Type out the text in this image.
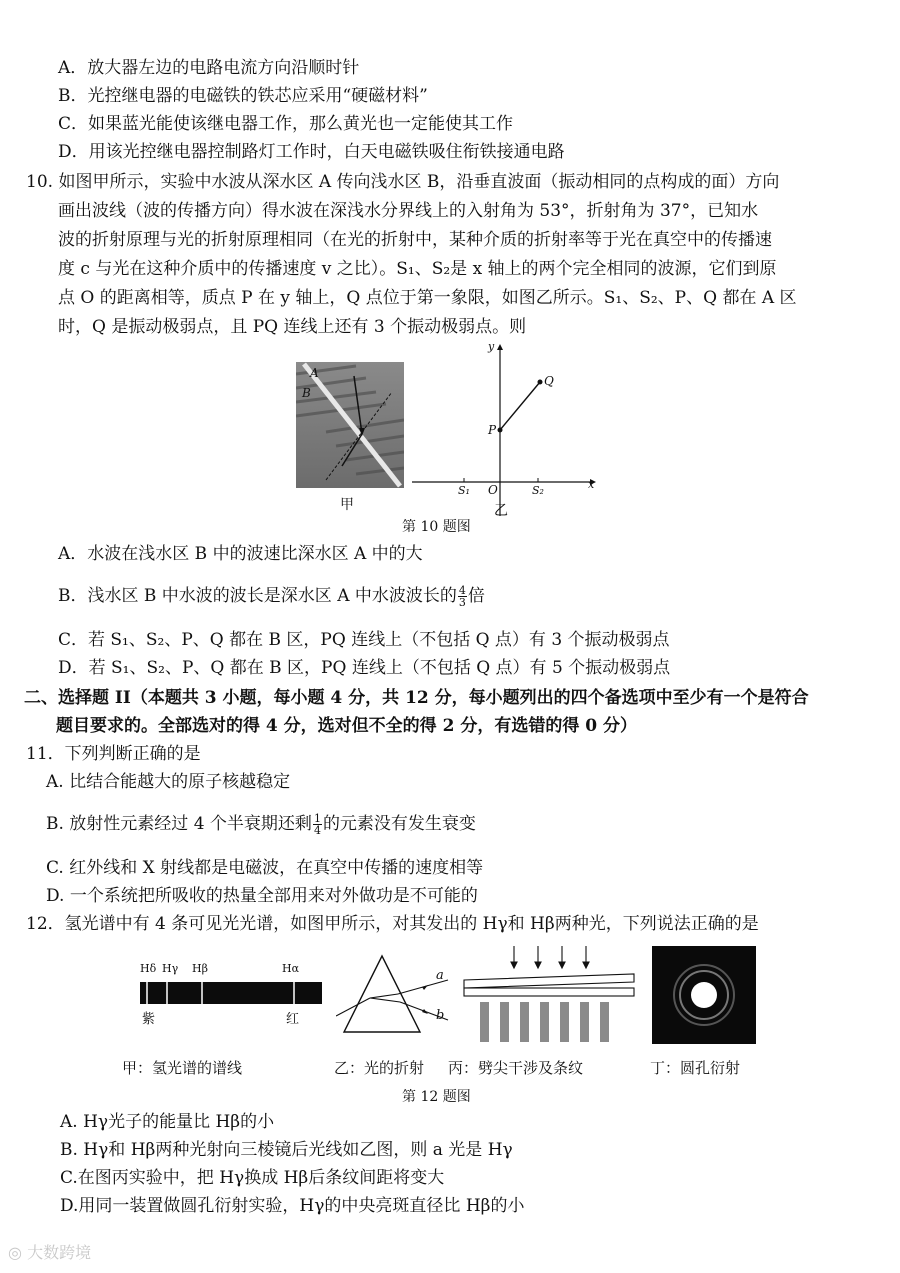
A．放大器左边的电路电流方向沿顺时针
B．光控继电器的电磁铁的铁芯应采用“硬磁材料”
C．如果蓝光能使该继电器工作，那么黄光也一定能使其工作
D．用该光控继电器控制路灯工作时，白天电磁铁吸住衔铁接通电路
10. 如图甲所示，实验中水波从深水区 A 传向浅水区 B，沿垂直波面（振动相同的点构成的面）方向
画出波线（波的传播方向）得水波在深浅水分界线上的入射角为 53°，折射角为 37°，已知水
波的折射原理与光的折射原理相同（在光的折射中，某种介质的折射率等于光在真空中的传播速
度 c 与光在这种介质中的传播速度 v 之比）。S₁、S₂是 x 轴上的两个完全相同的波源，它们到原
点 O 的距离相等，质点 P 在 y 轴上，Q 点位于第一象限，如图乙所示。S₁、S₂、P、Q 都在 A 区
时，Q 是振动极弱点，且 PQ 连线上还有 3 个振动极弱点。则
A
B
甲
y
x
P
Q
O
S₁	S₂
乙
第 10 题图
A．水波在浅水区 B 中的波速比深水区 A 中的大
B．浅水区 B 中水波的波长是深水区 A 中水波波长的 $\frac{4}{3}$ 倍
C．若 S₁、S₂、P、Q 都在 B 区，PQ 连线上（不包括 Q 点）有 3 个振动极弱点
D．若 S₁、S₂、P、Q 都在 B 区，PQ 连线上（不包括 Q 点）有 5 个振动极弱点
二、选择题 II（本题共 3 小题，每小题 4 分，共 12 分，每小题列出的四个备选项中至少有一个是符合
题目要求的。全部选对的得 4 分，选对但不全的得 2 分，有选错的得 0 分）
11．下列判断正确的是
A. 比结合能越大的原子核越稳定
B. 放射性元素经过 4 个半衰期还剩 $\frac{1}{4}$ 的元素没有发生衰变
C. 红外线和 X 射线都是电磁波，在真空中传播的速度相等
D. 一个系统把所吸收的热量全部用来对外做功是不可能的
12．氢光谱中有 4 条可见光光谱，如图甲所示，对其发出的 Hγ和 Hβ两种光，下列说法正确的是
Hδ Hγ Hβ	Hα
紫	红
a
b
甲：氢光谱的谱线	乙：光的折射 丙：劈尖干涉及条纹	丁：圆孔衍射
第 12 题图
A. Hγ光子的能量比 Hβ的小
B. Hγ和 Hβ两种光射向三棱镜后光线如乙图，则 a 光是 Hγ
C.在图丙实验中，把 Hγ换成 Hβ后条纹间距将变大
D.用同一装置做圆孔衍射实验，Hγ的中央亮斑直径比 Hβ的小
◎ 大数跨境
